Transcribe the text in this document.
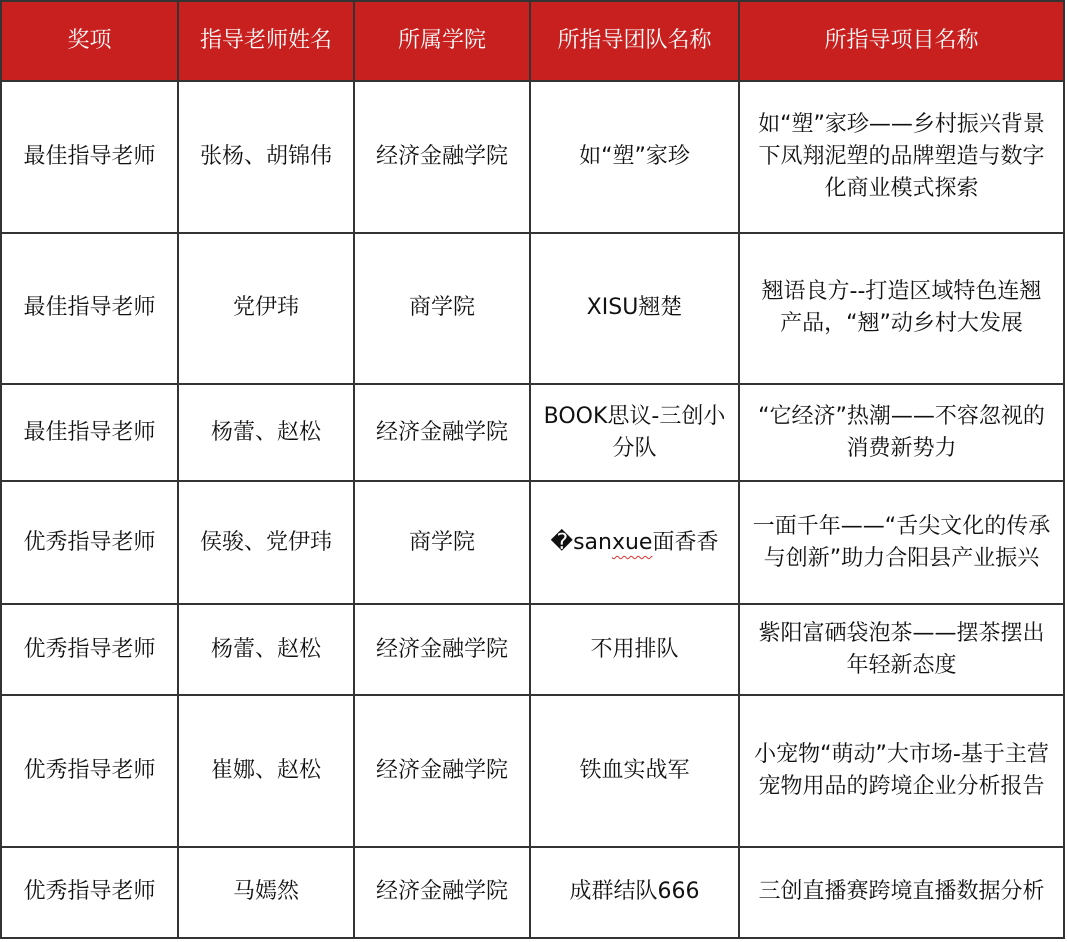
奖项	指导老师姓名	所属学院	所指导团队名称	所指导项目名称
最佳指导老师	张杨、胡锦伟	经济金融学院	如“塑”家珍	如“塑”家珍——乡村振兴背景下凤翔泥塑的品牌塑造与数字化商业模式探索
最佳指导老师	党伊玮	商学院	XISU翘楚	翘语良方--打造区域特色连翘产品，“翘”动乡村大发展
最佳指导老师	杨蕾、赵松	经济金融学院	BOOK思议-三创小分队	“它经济”热潮——不容忽视的消费新势力
优秀指导老师	侯骏、党伊玮	商学院	�sanxue面香香	一面千年——“舌尖文化的传承与创新”助力合阳县产业振兴
优秀指导老师	杨蕾、赵松	经济金融学院	不用排队	紫阳富硒袋泡茶——摆茶摆出年轻新态度
优秀指导老师	崔娜、赵松	经济金融学院	铁血实战军	小宠物“萌动”大市场-基于主营宠物用品的跨境企业分析报告
优秀指导老师	马嫣然	经济金融学院	成群结队666	三创直播赛跨境直播数据分析
